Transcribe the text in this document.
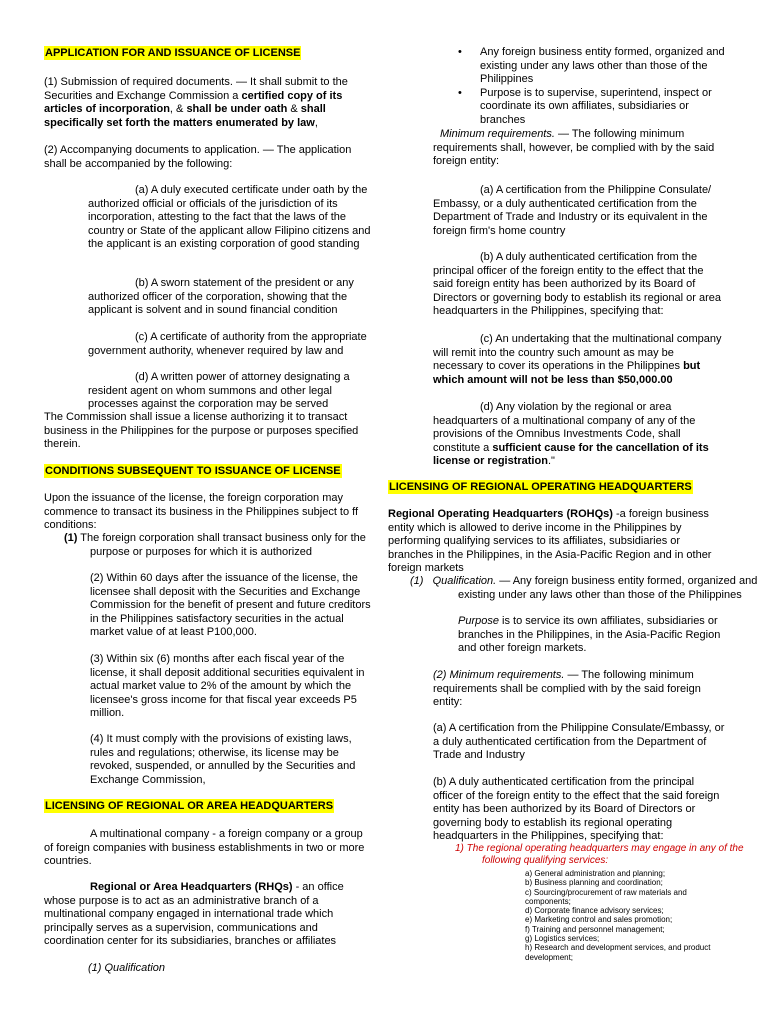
APPLICATION FOR AND ISSUANCE OF LICENSE
(1) Submission of required documents. — It shall submit to the Securities and Exchange Commission a certified copy of its articles of incorporation, & shall be under oath & shall specifically set forth the matters enumerated by law,
(2) Accompanying documents to application. — The application shall be accompanied by the following:
(a) A duly executed certificate under oath by the authorized official or officials of the jurisdiction of its incorporation, attesting to the fact that the laws of the country or State of the applicant allow Filipino citizens and the applicant is an existing corporation of good standing
(b) A sworn statement of the president or any authorized officer of the corporation, showing that the applicant is solvent and in sound financial condition
(c) A certificate of authority from the appropriate government authority, whenever required by law and
(d) A written power of attorney designating a resident agent on whom summons and other legal processes against the corporation may be served
The Commission shall issue a license authorizing it to transact business in the Philippines for the purpose or purposes specified therein.
CONDITIONS SUBSEQUENT TO ISSUANCE OF LICENSE
Upon the issuance of the license, the foreign corporation may commence to transact its business in the Philippines subject to ff conditions:
(1) The foreign corporation shall transact business only for the purpose or purposes for which it is authorized
(2) Within 60 days after the issuance of the license, the licensee shall deposit with the Securities and Exchange Commission for the benefit of present and future creditors in the Philippines satisfactory securities in the actual market value of at least P100,000.
(3) Within six (6) months after each fiscal year of the license, it shall deposit additional securities equivalent in actual market value to 2% of the amount by which the licensee's gross income for that fiscal year exceeds P5 million.
(4) It must comply with the provisions of existing laws, rules and regulations; otherwise, its license may be revoked, suspended, or annulled by the Securities and Exchange Commission,
LICENSING OF REGIONAL OR AREA HEADQUARTERS
A multinational company - a foreign company or a group of foreign companies with business establishments in two or more countries.
Regional or Area Headquarters (RHQs) - an office whose purpose is to act as an administrative branch of a multinational company engaged in international trade which principally serves as a supervision, communications and coordination center for its subsidiaries, branches or affiliates
(1) Qualification
• Any foreign business entity formed, organized and existing under any laws other than those of the Philippines
• Purpose is to supervise, superintend, inspect or coordinate its own affiliates, subsidiaries or branches
Minimum requirements. — The following minimum requirements shall, however, be complied with by the said foreign entity:
(a) A certification from the Philippine Consulate/ Embassy, or a duly authenticated certification from the Department of Trade and Industry or its equivalent in the foreign firm's home country
(b) A duly authenticated certification from the principal officer of the foreign entity to the effect that the said foreign entity has been authorized by its Board of Directors or governing body to establish its regional or area headquarters in the Philippines, specifying that:
(c) An undertaking that the multinational company will remit into the country such amount as may be necessary to cover its operations in the Philippines but which amount will not be less than $50,000.00
(d) Any violation by the regional or area headquarters of a multinational company of any of the provisions of the Omnibus Investments Code, shall constitute a sufficient cause for the cancellation of its license or registration."
LICENSING OF REGIONAL OPERATING HEADQUARTERS
Regional Operating Headquarters (ROHQs) -a foreign business entity which is allowed to derive income in the Philippines by performing qualifying services to its affiliates, subsidiaries or branches in the Philippines, in the Asia-Pacific Region and in other foreign markets
(1) Qualification. — Any foreign business entity formed, organized and existing under any laws other than those of the Philippines
Purpose is to service its own affiliates, subsidiaries or branches in the Philippines, in the Asia-Pacific Region and other foreign markets.
(2) Minimum requirements. — The following minimum requirements shall be complied with by the said foreign entity:
(a) A certification from the Philippine Consulate/Embassy, or a duly authenticated certification from the Department of Trade and Industry
(b) A duly authenticated certification from the principal officer of the foreign entity to the effect that the said foreign entity has been authorized by its Board of Directors or governing body to establish its regional operating headquarters in the Philippines, specifying that:
1) The regional operating headquarters may engage in any of the following qualifying services:
a) General administration and planning;
b) Business planning and coordination;
c) Sourcing/procurement of raw materials and components;
d) Corporate finance advisory services;
e) Marketing control and sales promotion;
f) Training and personnel management;
g) Logistics services;
h) Research and development services, and product development;
